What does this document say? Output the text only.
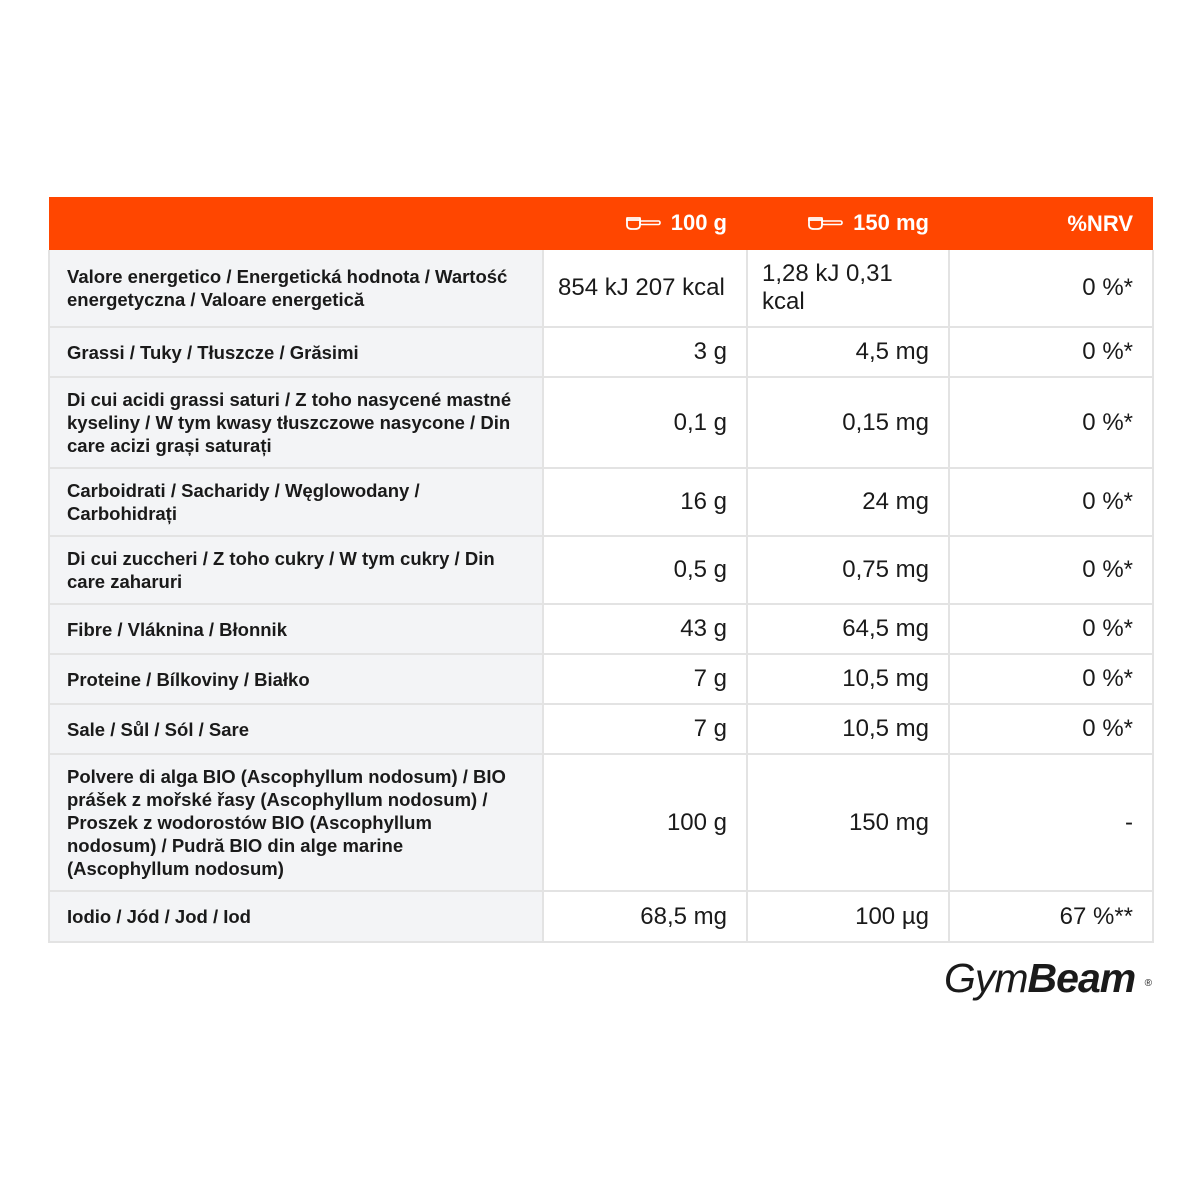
	100 g	150 mg	%NRV
Valore energetico / Energetická hodnota / Wartość energetyczna / Valoare energetică	854 kJ 207 kcal	1,28 kJ 0,31 kcal	0 %*
Grassi / Tuky / Tłuszcze / Grăsimi	3 g	4,5 mg	0 %*
Di cui acidi grassi saturi / Z toho nasycené mastné kyseliny / W tym kwasy tłuszczowe nasycone / Din care acizi grași saturați	0,1 g	0,15 mg	0 %*
Carboidrati / Sacharidy / Węglowodany / Carbohidrați	16 g	24 mg	0 %*
Di cui zuccheri / Z toho cukry / W tym cukry / Din care zaharuri	0,5 g	0,75 mg	0 %*
Fibre / Vláknina / Błonnik	43 g	64,5 mg	0 %*
Proteine / Bílkoviny / Białko	7 g	10,5 mg	0 %*
Sale / Sůl / Sól / Sare	7 g	10,5 mg	0 %*
Polvere di alga BIO (Ascophyllum nodosum) / BIO prášek z mořské řasy (Ascophyllum nodosum) / Proszek z wodorostów BIO (Ascophyllum nodosum) / Pudră BIO din alge marine (Ascophyllum nodosum)	100 g	150 mg	-
Iodio / Jód / Jod / Iod	68,5 mg	100 µg	67 %**
GymBeam ®
